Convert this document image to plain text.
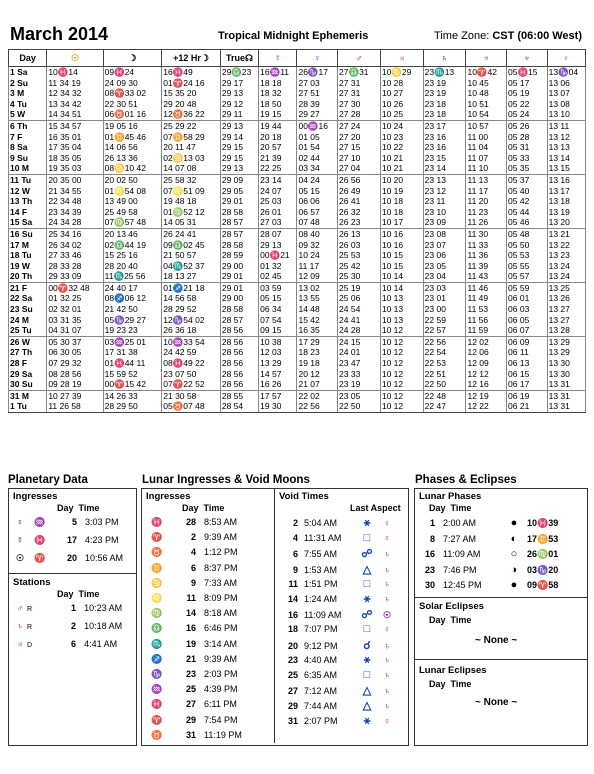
March 2014	Tropical Midnight Ephemeris	Time Zone: CST (06:00 West)
Day	☉	☽	+12 Hr☽	True☊	☿	♀	♂	♃	♄	♅	♆	♇
1 Sa	10♓14	09♓24	16♓49	29♎23	16♒11	26♑17	27♎31	10♋29	23♏13	10♈42	05♓15	13♑04
2 Su	11 34 19	24 09 30	01♈24 16	29 17	18 18	27 03	27 31	10 28	23 19	10 45	05 17	13 06
3 M	12 34 32	08♈33 02	15 35 20	29 13	18 32	27 51	27 31	10 27	23 19	10 48	05 19	13 07
4 Tu	13 34 42	22 30 51	29 20 48	29 12	18 50	28 39	27 30	10 26	23 18	10 51	05 22	13 08
5 W	14 34 51	06♉01 16	12♉36 22	29 11	19 15	29 27	27 28	10 25	23 18	10 54	05 24	13 10
6 Th	15 34 57	19 05 16	25 29 22	29 13	19 44	00♒16	27 24	10 24	23 17	10 57	05 26	13 11
7 F	16 35 01	01♊45 46	07♊58 29	29 14	20 18	01 05	27 20	10 23	23 16	11 00	05 28	13 12
8 Sa	17 35 04	14 06 56	20 11 47	29 15	20 57	01 54	27 15	10 22	23 16	11 04	05 31	13 13
9 Su	18 35 05	26 13 36	02♋13 03	29 15	21 39	02 44	27 10	10 21	23 15	11 07	05 33	13 14
10 M	19 35 03	08♋10 42	14 07 08	29 13	22 25	03 34	27 04	10 21	23 14	11 10	05 35	13 15
11 Tu	20 35 00	20 02 50	25 58 32	29 09	23 14	04 24	26 56	10 20	23 13	11 13	05 37	13 16
12 W	21 34 55	01♌54 08	07♌51 09	29 05	24 07	05 15	26 49	10 19	23 12	11 17	05 40	13 17
13 Th	22 34 48	13 49 00	19 48 18	29 01	25 03	06 06	26 41	10 18	23 11	11 20	05 42	13 18
14 F	23 34 39	25 49 58	01♍52 12	28 58	26 01	06 57	26 32	10 18	23 10	11 23	05 44	13 19
15 Sa	24 34 28	07♍57 48	14 05 31	28 57	27 03	07 48	26 23	10 17	23 09	11 26	05 46	13 20
16 Su	25 34 16	20 13 46	26 24 41	28 57	28 07	08 40	26 13	10 16	23 08	11 30	05 48	13 21
17 M	26 34 02	02♎44 19	09♎02 45	28 58	29 13	09 32	26 03	10 16	23 07	11 33	05 50	13 22
18 Tu	27 33 46	15 25 16	21 50 57	28 59	00♓21	10 24	25 53	10 15	23 06	11 36	05 53	13 23
19 W	28 33 28	28 20 40	04♏52 37	29 00	01 32	11 17	25 42	10 15	23 05	11 39	05 55	13 24
20 Th	29 33 09	11♏25 56	18 13 27	29 01	02 45	12 09	25 30	10 14	23 04	11 43	05 57	13 24
21 F	00♈32 48	24 40 17	01♐21 18	29 01	03 59	13 02	25 19	10 14	23 03	11 46	05 59	13 25
22 Sa	01 32 25	08♐06 12	14 56 58	29 00	05 15	13 55	25 06	10 13	23 01	11 49	06 01	13 26
23 Su	02 32 01	21 42 50	28 29 52	28 58	06 34	14 48	24 54	10 13	23 00	11 53	06 03	13 27
24 M	03 31 35	05♑29 27	12♑54 02	28 57	07 54	15 42	24 41	10 13	22 59	11 56	06 05	13 27
25 Tu	04 31 07	19 23 23	26 36 18	28 56	09 15	16 35	24 28	10 12	22 57	11 59	06 07	13 28
26 W	05 30 37	03♒25 01	10♒33 54	28 56	10 38	17 29	24 15	10 12	22 56	12 02	06 09	13 29
27 Th	06 30 05	17 31 38	24 42 59	28 56	12 03	18 23	24 01	10 12	22 54	12 06	06 11	13 29
28 F	07 29 32	01♓44 11	08♓49 22	28 56	13 29	19 18	23 47	10 12	22 53	12 09	06 13	13 30
29 Sa	08 28 56	15 59 52	23 07 50	28 56	14 57	20 12	23 33	10 12	22 51	12 12	06 15	13 30
30 Su	09 28 19	00♈15 42	07♈22 52	28 56	16 26	21 07	23 19	10 12	22 50	12 16	06 17	13 31
31 M	10 27 39	14 26 33	21 30 58	28 55	17 57	22 02	23 05	10 12	22 48	12 19	06 19	13 31
1 Tu	11 26 58	28 29 50	05♉07 48	28 54	19 30	22 56	22 50	10 12	22 47	12 22	06 21	13 31
Planetary Data
Ingresses
Day Time
♀ ♒	5 3:03 PM
☿ ♓ 17 4:23 PM
☉ ♈ 20 10:56 AM
Stations
Day Time
♂ R	1 10:23 AM
♄ R	2 10:18 AM
♃ D	6 4:41 AM
Lunar Ingresses & Void Moons
Ingresses	Void Times
Last Aspect
Day Time
♓	28 8:53 AM
♈	2 9:39 AM
♉	4 1:12 PM
♊	6 8:37 PM
♋	9 7:33 AM
♌	11 8:09 PM
♍	14 8:18 AM
♎	16 6:46 PM
♏	19 3:14 AM
♐	21 9:39 AM
♑	23 2:03 PM
♒	25 4:39 PM
♓	27 6:11 PM
♈	29 7:54 PM
♉	31 11:19 PM
2 5:04 AM ⚹ ♀
4 11:31 AM □ ♀
6 7:55 AM ☍ ♄
9 1:53 AM △ ♄
11 1:51 PM □ ♄
14 1:24 AM ⚹ ♄
16 11:09 AM ☍ ☉
18 7:07 PM □ ♀
20 9:12 PM ☌ ♄
23 4:40 AM ⚹ ♄
25 6:35 AM □ ♄
27 7:12 AM △ ♄
29 7:44 AM △ ♄
31 2:07 PM ⚹ ♀
Phases & Eclipses
Lunar Phases
Day Time
1 2:00 AM	● 10♓39
8 7:27 AM	◐ 17♊53
16 11:09 AM	○ 26♍01
23 7:46 PM	◑ 03♑20
30 12:45 PM	● 09♈58
Solar Eclipses
Day Time
~ None ~
Lunar Eclipses
Day Time
~ None ~
